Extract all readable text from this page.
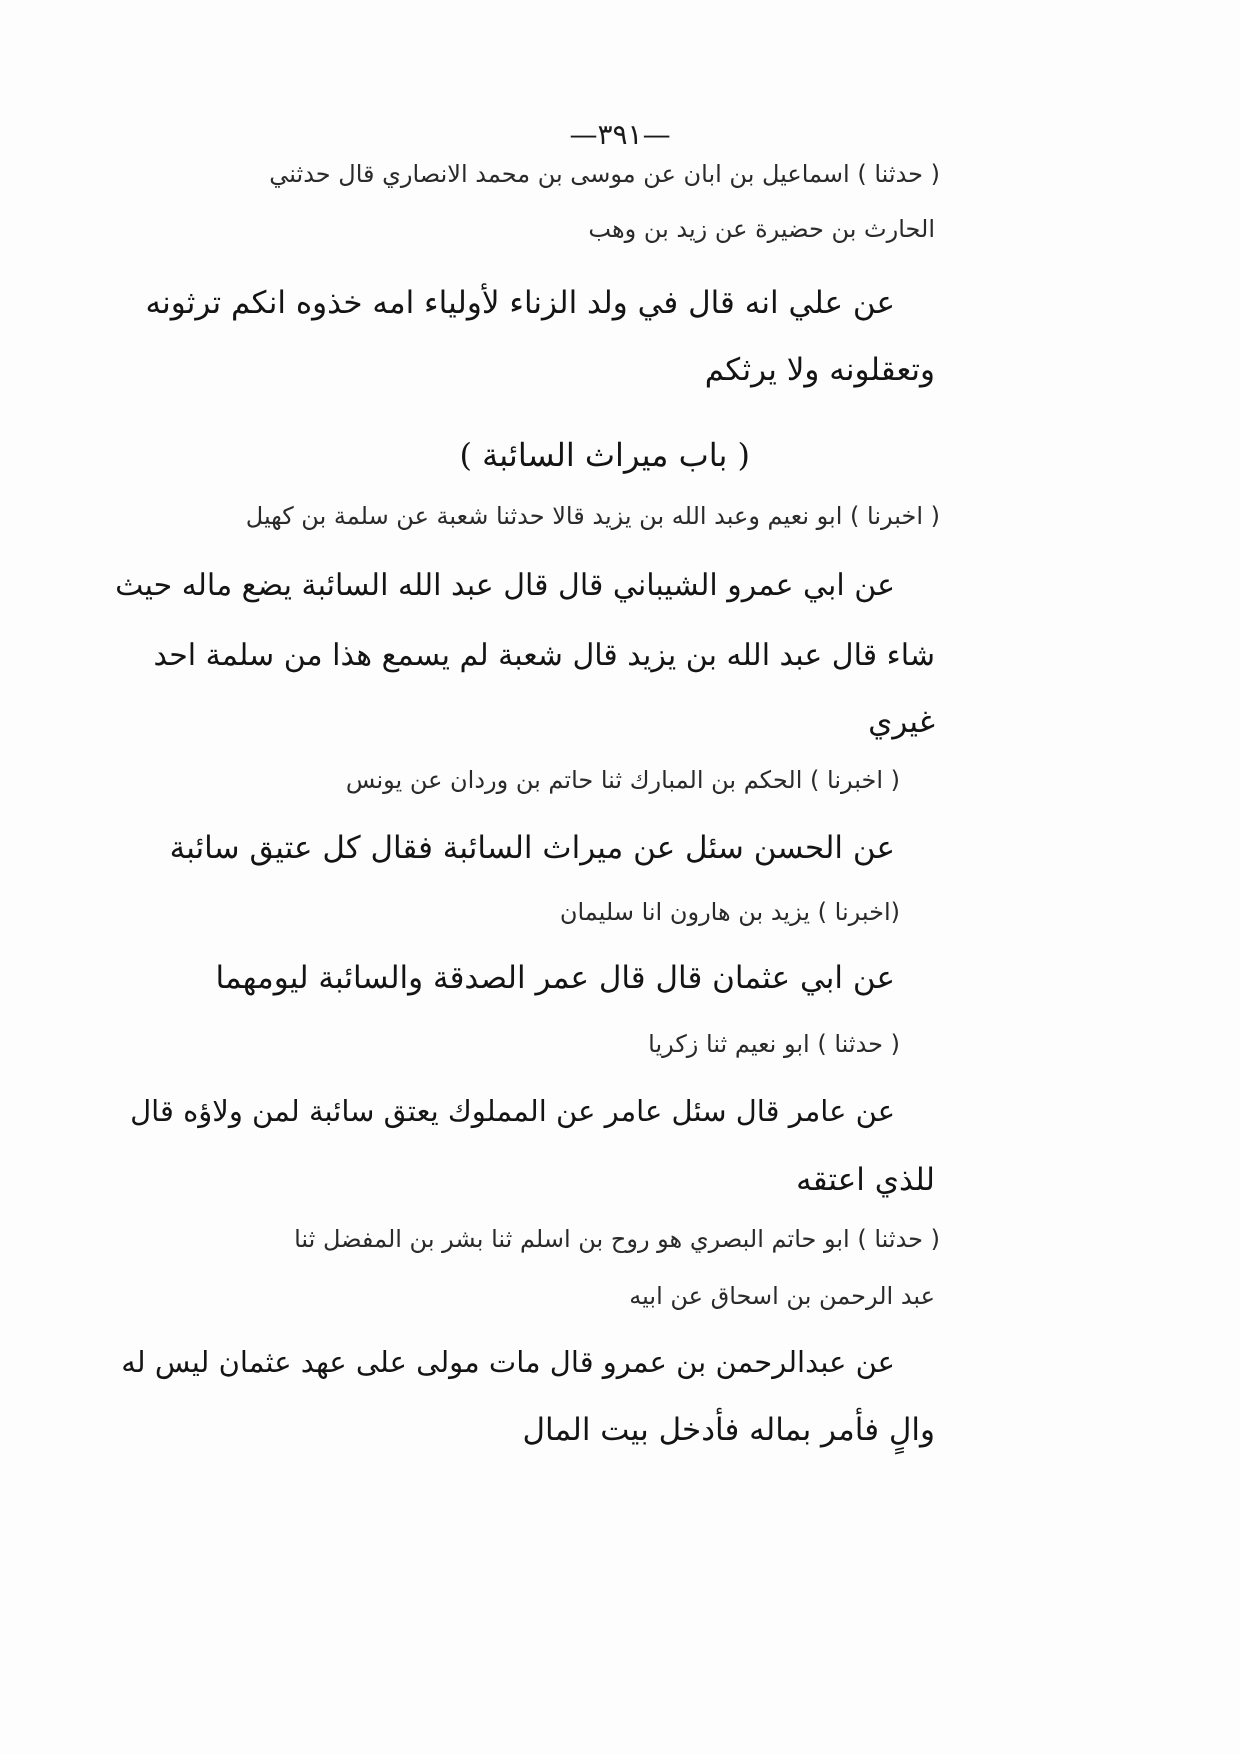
—٣٩١—
( حدثنا ) اسماعيل بن ابان عن موسى بن محمد الانصاري قال حدثني
الحارث بن حضيرة عن زيد بن وهب
عن علي انه قال في ولد الزناء لأولياء امه خذوه انكم ترثونه
وتعقلونه ولا يرثكم
( باب ميراث السائبة )
( اخبرنا ) ابو نعيم وعبد الله بن يزيد قالا حدثنا شعبة عن سلمة بن كهيل
عن ابي عمرو الشيباني قال قال عبد الله السائبة يضع ماله حيث
شاء قال عبد الله بن يزيد قال شعبة لم يسمع هذا من سلمة احد
غيري
( اخبرنا ) الحكم بن المبارك ثنا حاتم بن وردان عن يونس
عن الحسن سئل عن ميراث السائبة فقال كل عتيق سائبة
(اخبرنا ) يزيد بن هارون انا سليمان
عن ابي عثمان قال قال عمر الصدقة والسائبة ليومهما
( حدثنا ) ابو نعيم ثنا زكريا
عن عامر قال سئل عامر عن المملوك يعتق سائبة لمن ولاؤه قال
للذي اعتقه
( حدثنا ) ابو حاتم البصري هو روح بن اسلم ثنا بشر بن المفضل ثنا
عبد الرحمن بن اسحاق عن ابيه
عن عبدالرحمن بن عمرو قال مات مولى على عهد عثمان ليس له
والٍ فأمر بماله فأدخل بيت المال
